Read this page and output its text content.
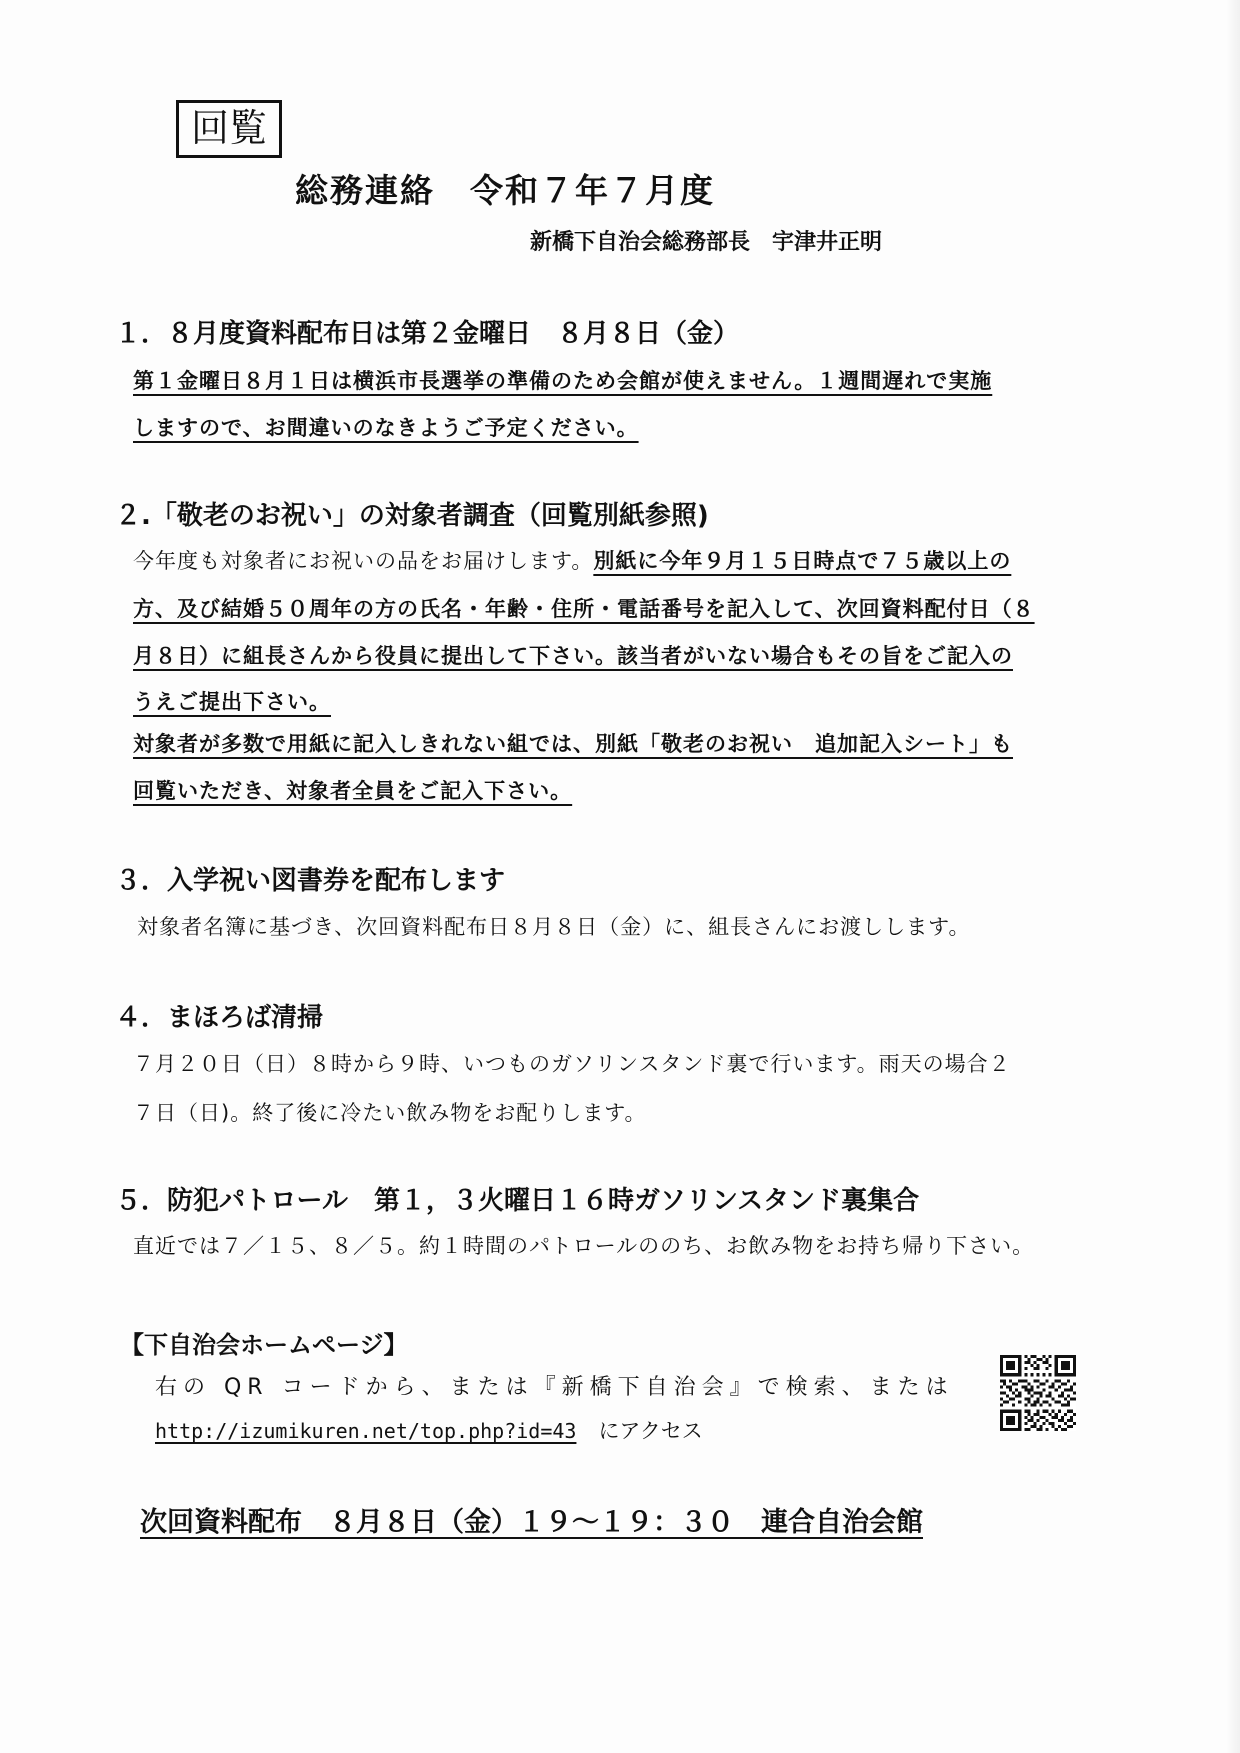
回覧
総務連絡　令和７年７月度
新橋下自治会総務部長　宇津井正明
１．８月度資料配布日は第２金曜日　８月８日（金）
第１金曜日８月１日は横浜市長選挙の準備のため会館が使えません。１週間遅れで実施
しますので、お間違いのなきようご予定ください。
２.「敬老のお祝い」の対象者調査（回覧別紙参照)
今年度も対象者にお祝いの品をお届けします。別紙に今年９月１５日時点で７５歳以上の
方、及び結婚５０周年の方の氏名・年齢・住所・電話番号を記入して、次回資料配付日（８
月８日）に組長さんから役員に提出して下さい。該当者がいない場合もその旨をご記入の
うえご提出下さい。
対象者が多数で用紙に記入しきれない組では、別紙「敬老のお祝い　追加記入シート」も
回覧いただき、対象者全員をご記入下さい。
３．入学祝い図書券を配布します
対象者名簿に基づき、次回資料配布日８月８日（金）に、組長さんにお渡しします。
４．まほろば清掃
７月２０日（日）８時から９時、いつものガソリンスタンド裏で行います。雨天の場合２
７日（日)。終了後に冷たい飲み物をお配りします。
５．防犯パトロール　第１，３火曜日１６時ガソリンスタンド裏集合
直近では７／１５、８／５。約１時間のパトロールののち、お飲み物をお持ち帰り下さい。
【下自治会ホームページ】
右の QR コードから、または『新橋下自治会』で検索、または
http://izumikuren.net/top.php?id=43 にアクセス
次回資料配布　８月８日（金）１９～１９：３０　連合自治会館
